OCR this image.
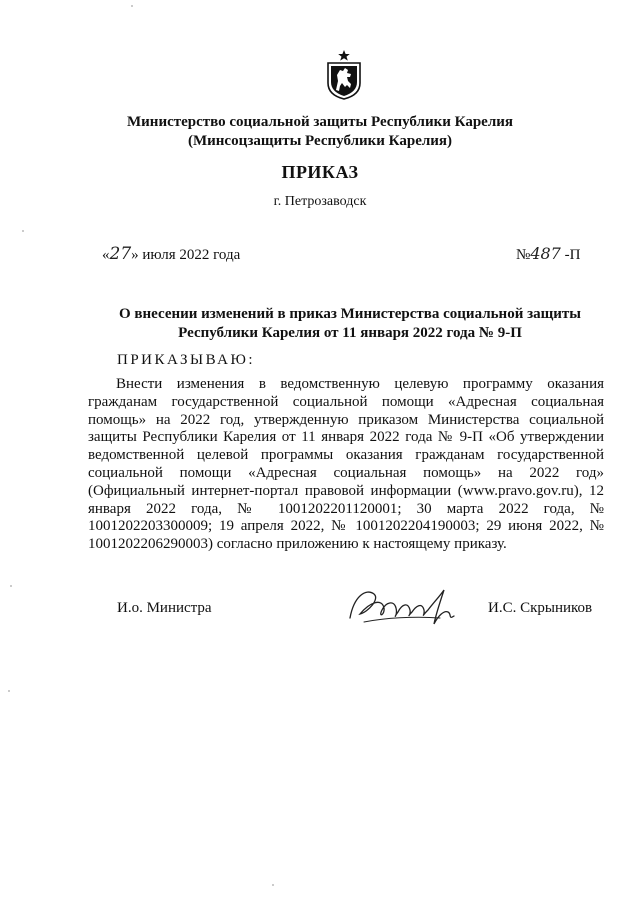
Министерство социальной защиты Республики Карелия
(Минсоцзащиты Республики Карелия)
ПРИКАЗ
г. Петрозаводск
«27» июля 2022 года	№487 -П
О внесении изменений в приказ Министерства социальной защиты
Республики Карелия от 11 января 2022 года № 9-П
ПРИКАЗЫВАЮ:

Внести изменения в ведомственную целевую программу оказания гражданам государственной социальной помощи «Адресная социальная помощь» на 2022 год, утвержденную приказом Министерства социальной защиты Республики Карелия от 11 января 2022 года № 9-П «Об утверждении ведомственной целевой программы оказания гражданам государственной социальной помощи «Адресная социальная помощь» на 2022 год» (Официальный интернет-портал правовой информации (www.pravo.gov.ru), 12 января 2022 года, № 1001202201120001; 30 марта 2022 года, № 1001202203300009; 19 апреля 2022, № 1001202204190003; 29 июня 2022, № 1001202206290003) согласно приложению к настоящему приказу.

И.о. Министра	И.С. Скрыников
